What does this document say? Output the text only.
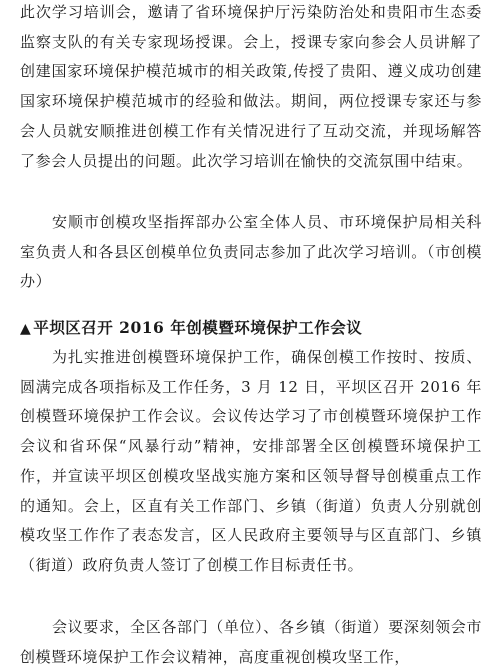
此次学习培训会，邀请了省环境保护厅污染防治处和贵阳市生态委监察支队的有关专家现场授课。会上，授课专家向参会人员讲解了创建国家环境保护模范城市的相关政策,传授了贵阳、遵义成功创建国家环境保护模范城市的经验和做法。期间，两位授课专家还与参会人员就安顺推进创模工作有关情况进行了互动交流，并现场解答了参会人员提出的问题。此次学习培训在愉快的交流氛围中结束。

安顺市创模攻坚指挥部办公室全体人员、市环境保护局相关科室负责人和各县区创模单位负责同志参加了此次学习培训。（市创模办）

▲ 平坝区召开 2016 年创模暨环境保护工作会议

为扎实推进创模暨环境保护工作，确保创模工作按时、按质、圆满完成各项指标及工作任务，3 月 12 日，平坝区召开 2016 年创模暨环境保护工作会议。会议传达学习了市创模暨环境保护工作会议和省环保“风暴行动”精神，安排部署全区创模暨环境保护工作，并宣读平坝区创模攻坚战实施方案和区领导督导创模重点工作的通知。会上，区直有关工作部门、乡镇（街道）负责人分别就创模攻坚工作作了表态发言，区人民政府主要领导与区直部门、乡镇（街道）政府负责人签订了创模工作目标责任书。

会议要求，全区各部门（单位）、各乡镇（街道）要深刻领会市创模暨环境保护工作会议精神，高度重视创模攻坚工作，
